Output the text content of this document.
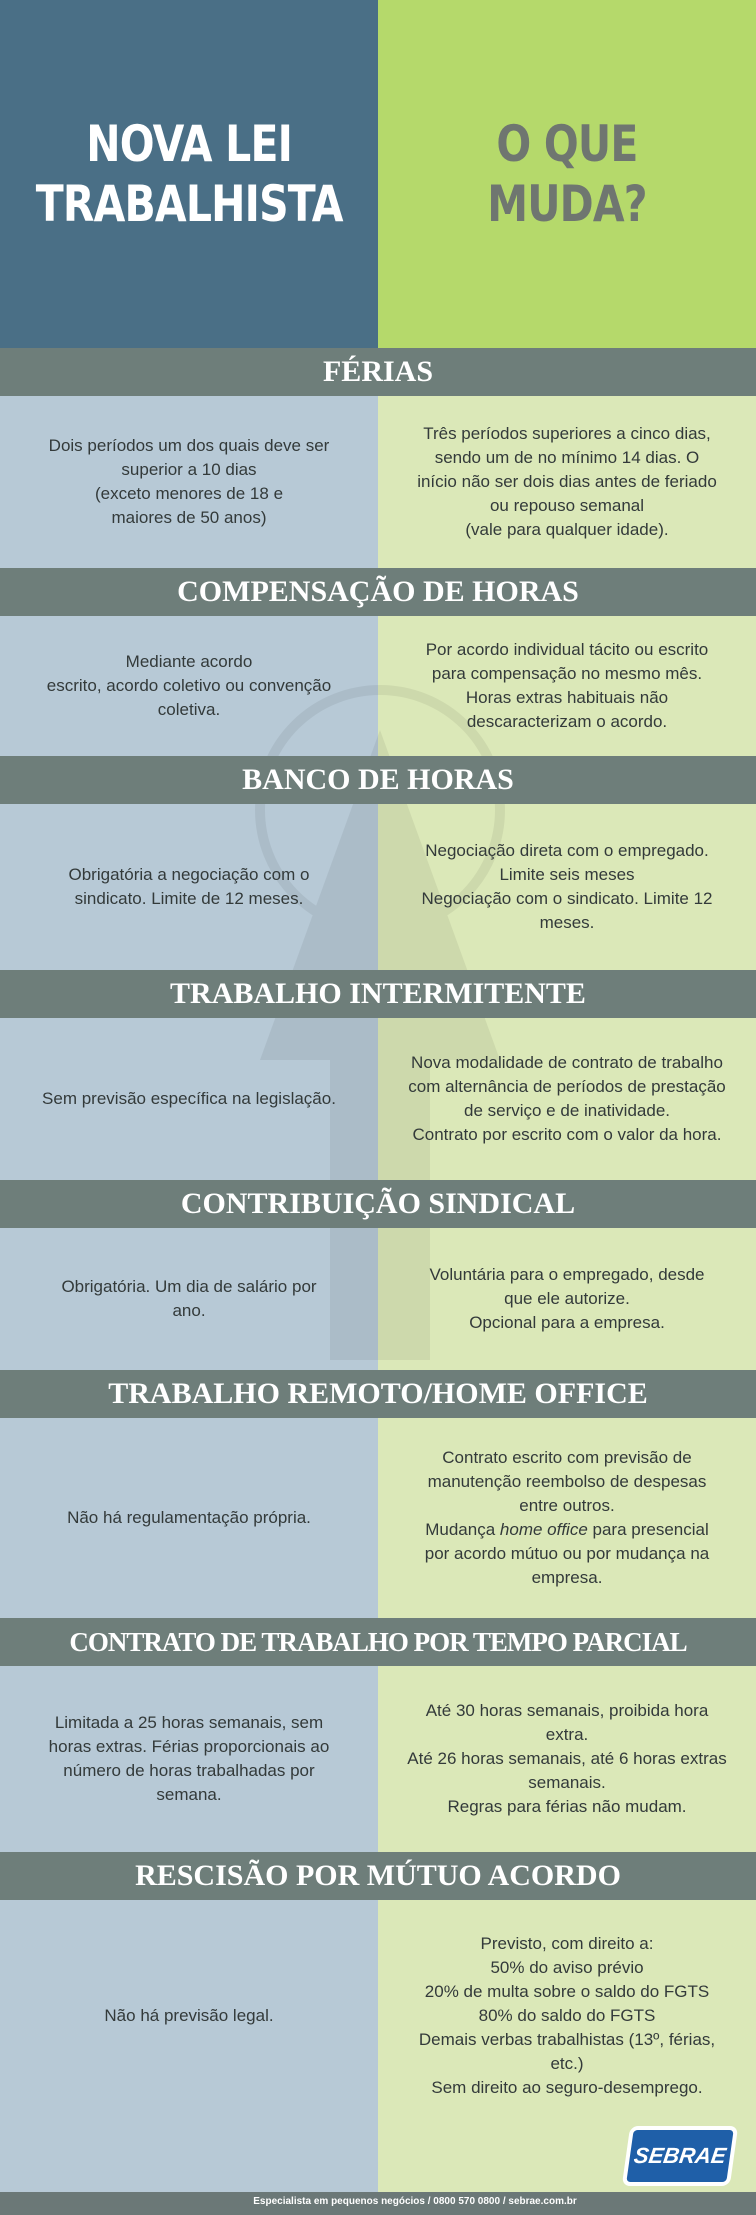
NOVA LEI
TRABALHISTA
O QUE MUDA?
FÉRIAS

Dois períodos um dos quais deve ser
superior a 10 dias
(exceto menores de 18 e
maiores de 50 anos)

Três períodos superiores a cinco dias,
sendo um de no mínimo 14 dias. O
início não ser dois dias antes de feriado
ou repouso semanal
(vale para qualquer idade).

COMPENSAÇÃO DE HORAS

Mediante acordo
escrito, acordo coletivo ou convenção
coletiva.

Por acordo individual tácito ou escrito
para compensação no mesmo mês.
Horas extras habituais não
descaracterizam o acordo.

BANCO DE HORAS

Obrigatória a negociação com o
sindicato. Limite de 12 meses.

Negociação direta com o empregado.
Limite seis meses
Negociação com o sindicato. Limite 12
meses.

TRABALHO INTERMITENTE

Sem previsão específica na legislação.

Nova modalidade de contrato de trabalho
com alternância de períodos de prestação
de serviço e de inatividade.
Contrato por escrito com o valor da hora.

CONTRIBUIÇÃO SINDICAL

Obrigatória. Um dia de salário por
ano.

Voluntária para o empregado, desde
que ele autorize.
Opcional para a empresa.

TRABALHO REMOTO/HOME OFFICE

Não há regulamentação própria.

Contrato escrito com previsão de
manutenção reembolso de despesas
entre outros.
Mudança home office para presencial
por acordo mútuo ou por mudança na
empresa.

CONTRATO DE TRABALHO POR TEMPO PARCIAL

Limitada a 25 horas semanais, sem
horas extras. Férias proporcionais ao
número de horas trabalhadas por
semana.

Até 30 horas semanais, proibida hora
extra.
Até 26 horas semanais, até 6 horas extras
semanais.
Regras para férias não mudam.

RESCISÃO POR MÚTUO ACORDO

Não há previsão legal.

Previsto, com direito a:
50% do aviso prévio
20% de multa sobre o saldo do FGTS
80% do saldo do FGTS
Demais verbas trabalhistas (13º, férias,
etc.)
Sem direito ao seguro-desemprego.

SEBRAE
Especialista em pequenos negócios / 0800 570 0800 / sebrae.com.br
